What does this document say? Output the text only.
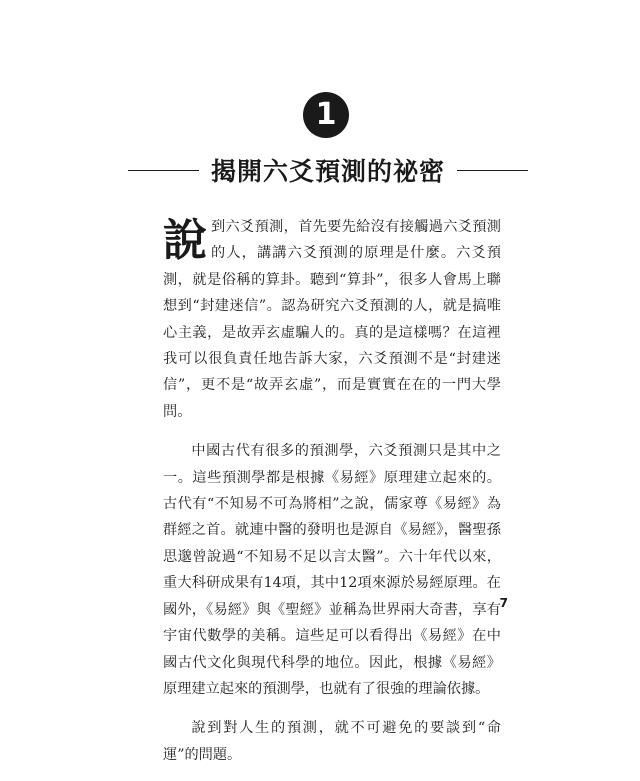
1
揭開六爻預測的祕密

說到六爻預測，首先要先給沒有接觸過六爻預測的人，講講六爻預測的原理是什麼。六爻預測，就是俗稱的算卦。聽到“算卦”，很多人會馬上聯想到“封建迷信”。認為研究六爻預測的人，就是搞唯心主義，是故弄玄虛騙人的。真的是這樣嗎？在這裡我可以很負責任地告訴大家，六爻預測不是“封建迷信”，更不是“故弄玄虛”，而是實實在在的一門大學問。

中國古代有很多的預測學，六爻預測只是其中之一。這些預測學都是根據《易經》原理建立起來的。古代有“不知易不可為將相”之說，儒家尊《易經》為群經之首。就連中醫的發明也是源自《易經》，醫聖孫思邈曾說過“不知易不足以言太醫”。六十年代以來，重大科研成果有14項，其中12項來源於易經原理。在國外，《易經》與《聖經》並稱為世界兩大奇書，享有宇宙代數學的美稱。這些足可以看得出《易經》在中國古代文化與現代科學的地位。因此，根據《易經》原理建立起來的預測學，也就有了很強的理論依據。

說到對人生的預測，就不可避免的要談到“命運”的問題。

7
